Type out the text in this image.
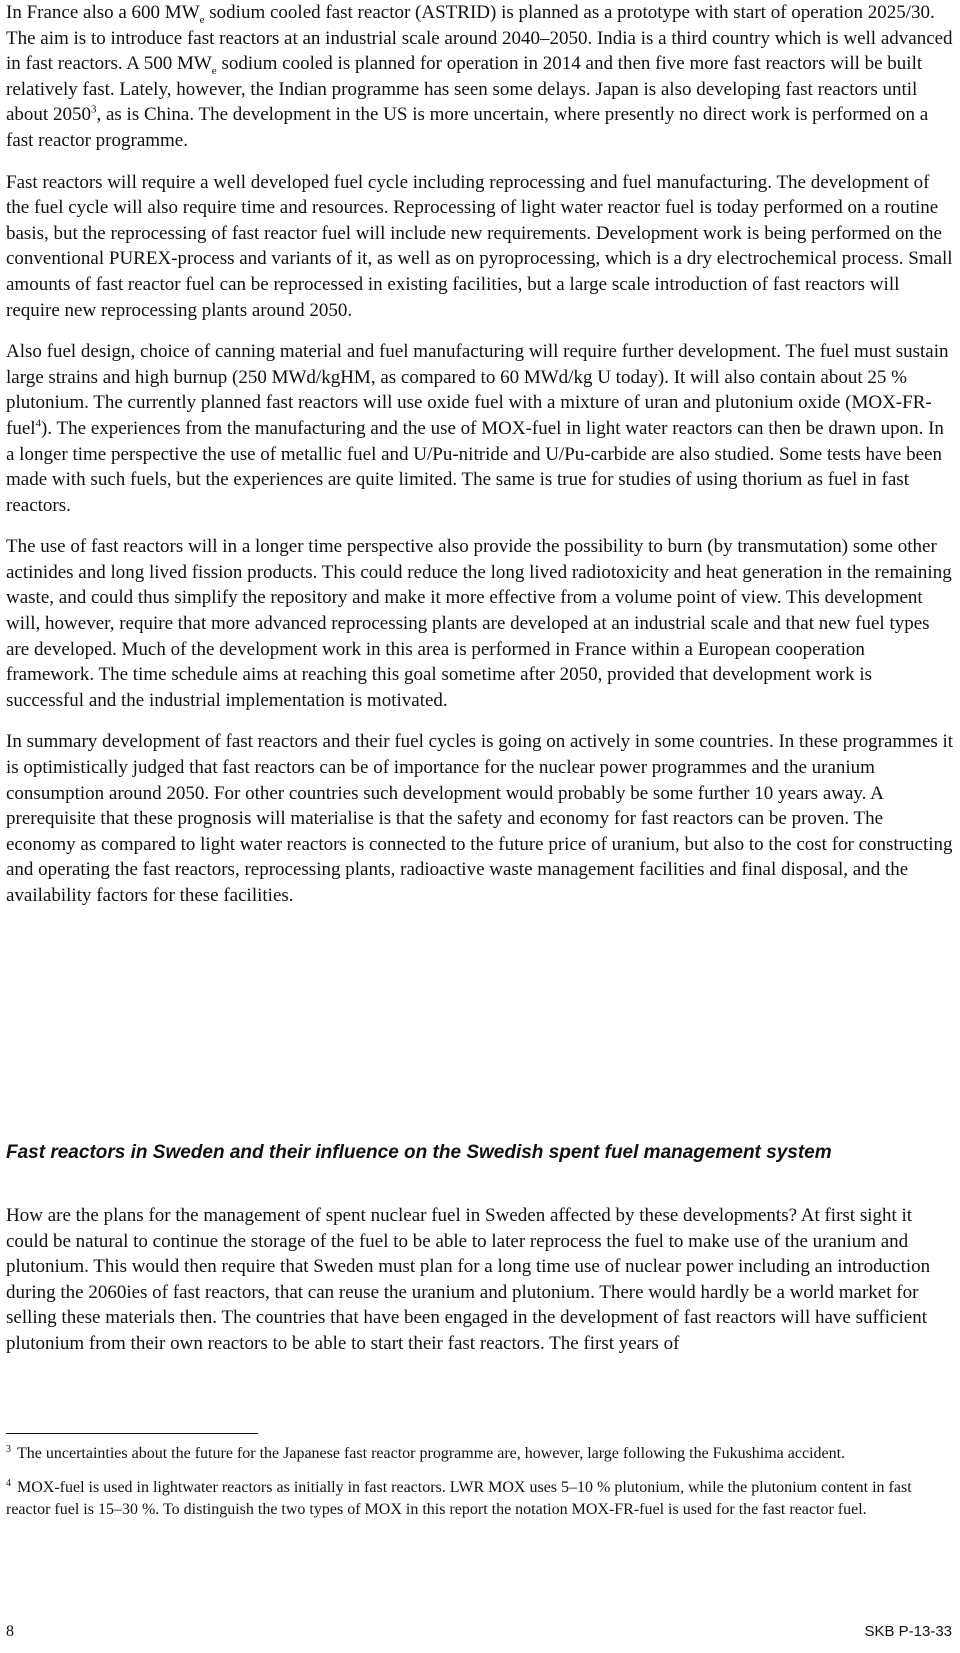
In France also a 600 $MW_e$ sodium cooled fast reactor (ASTRID) is planned as a prototype with start of operation 2025/30. The aim is to introduce fast reactors at an industrial scale around 2040–2050. India is a third country which is well advanced in fast reactors. A 500 $MW_e$ sodium cooled is planned for operation in 2014 and then five more fast reactors will be built relatively fast. Lately, however, the Indian programme has seen some delays. Japan is also developing fast reactors until about 2050$^3$, as is China. The development in the US is more uncertain, where presently no direct work is performed on a fast reactor programme.

Fast reactors will require a well developed fuel cycle including reprocessing and fuel manufacturing. The development of the fuel cycle will also require time and resources. Reprocessing of light water reactor fuel is today performed on a routine basis, but the reprocessing of fast reactor fuel will include new requirements. Development work is being performed on the conventional PUREX-process and variants of it, as well as on pyroprocessing, which is a dry electrochemical process. Small amounts of fast reactor fuel can be reprocessed in existing facilities, but a large scale introduction of fast reactors will require new reprocessing plants around 2050.

Also fuel design, choice of canning material and fuel manufacturing will require further development. The fuel must sustain large strains and high burnup (250 MWd/kgHM, as compared to 60 MWd/kg U today). It will also contain about 25 % plutonium. The currently planned fast reactors will use oxide fuel with a mixture of uran and plutonium oxide (MOX-FR-fuel$^4$). The experiences from the manufacturing and the use of MOX-fuel in light water reactors can then be drawn upon. In a longer time perspective the use of metallic fuel and U/Pu-nitride and U/Pu-carbide are also studied. Some tests have been made with such fuels, but the experiences are quite limited. The same is true for studies of using thorium as fuel in fast reactors.

The use of fast reactors will in a longer time perspective also provide the possibility to burn (by transmutation) some other actinides and long lived fission products. This could reduce the long lived radiotoxicity and heat generation in the remaining waste, and could thus simplify the repository and make it more effective from a volume point of view. This development will, however, require that more advanced reprocessing plants are developed at an industrial scale and that new fuel types are developed. Much of the development work in this area is performed in France within a European cooperation framework. The time schedule aims at reaching this goal sometime after 2050, provided that development work is successful and the industrial implementation is motivated.

In summary development of fast reactors and their fuel cycles is going on actively in some countries. In these programmes it is optimistically judged that fast reactors can be of importance for the nuclear power programmes and the uranium consumption around 2050. For other countries such development would probably be some further 10 years away. A prerequisite that these prognosis will materialise is that the safety and economy for fast reactors can be proven. The economy as compared to light water reactors is connected to the future price of uranium, but also to the cost for constructing and operating the fast reactors, reprocessing plants, radioactive waste management facilities and final disposal, and the availability factors for these facilities.

Fast reactors in Sweden and their influence on the Swedish spent fuel management system

How are the plans for the management of spent nuclear fuel in Sweden affected by these developments? At first sight it could be natural to continue the storage of the fuel to be able to later reprocess the fuel to make use of the uranium and plutonium. This would then require that Sweden must plan for a long time use of nuclear power including an introduction during the 2060ies of fast reactors, that can reuse the uranium and plutonium. There would hardly be a world market for selling these materials then. The countries that have been engaged in the development of fast reactors will have sufficient plutonium from their own reactors to be able to start their fast reactors. The first years of

3 The uncertainties about the future for the Japanese fast reactor programme are, however, large following the Fukushima accident.

4 MOX-fuel is used in lightwater reactors as initially in fast reactors. LWR MOX uses 5–10 % plutonium, while the plutonium content in fast reactor fuel is 15–30 %. To distinguish the two types of MOX in this report the notation MOX-FR-fuel is used for the fast reactor fuel.

8	SKB P-13-33
